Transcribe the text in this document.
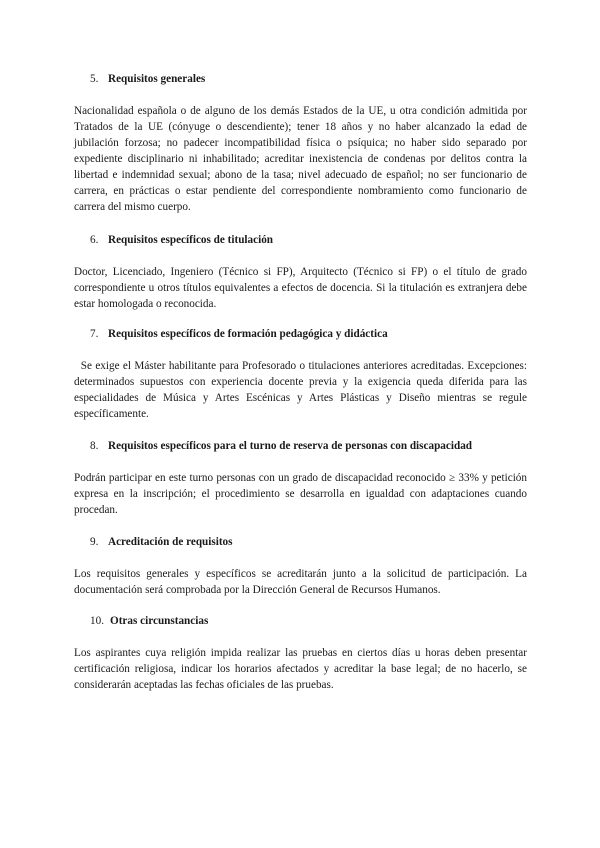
5. Requisitos generales

Nacionalidad española o de alguno de los demás Estados de la UE, u otra condición admitida por Tratados de la UE (cónyuge o descendiente); tener 18 años y no haber alcanzado la edad de jubilación forzosa; no padecer incompatibilidad física o psíquica; no haber sido separado por expediente disciplinario ni inhabilitado; acreditar inexistencia de condenas por delitos contra la libertad e indemnidad sexual; abono de la tasa; nivel adecuado de español; no ser funcionario de carrera, en prácticas o estar pendiente del correspondiente nombramiento como funcionario de carrera del mismo cuerpo.

6. Requisitos específicos de titulación

Doctor, Licenciado, Ingeniero (Técnico si FP), Arquitecto (Técnico si FP) o el título de grado correspondiente u otros títulos equivalentes a efectos de docencia. Si la titulación es extranjera debe estar homologada o reconocida.

7. Requisitos específicos de formación pedagógica y didáctica

Se exige el Máster habilitante para Profesorado o titulaciones anteriores acreditadas. Excepciones: determinados supuestos con experiencia docente previa y la exigencia queda diferida para las especialidades de Música y Artes Escénicas y Artes Plásticas y Diseño mientras se regule específicamente.

8. Requisitos específicos para el turno de reserva de personas con discapacidad

Podrán participar en este turno personas con un grado de discapacidad reconocido ≥ 33% y petición expresa en la inscripción; el procedimiento se desarrolla en igualdad con adaptaciones cuando procedan.

9. Acreditación de requisitos

Los requisitos generales y específicos se acreditarán junto a la solicitud de participación. La documentación será comprobada por la Dirección General de Recursos Humanos.

10. Otras circunstancias

Los aspirantes cuya religión impida realizar las pruebas en ciertos días u horas deben presentar certificación religiosa, indicar los horarios afectados y acreditar la base legal; de no hacerlo, se considerarán aceptadas las fechas oficiales de las pruebas.
